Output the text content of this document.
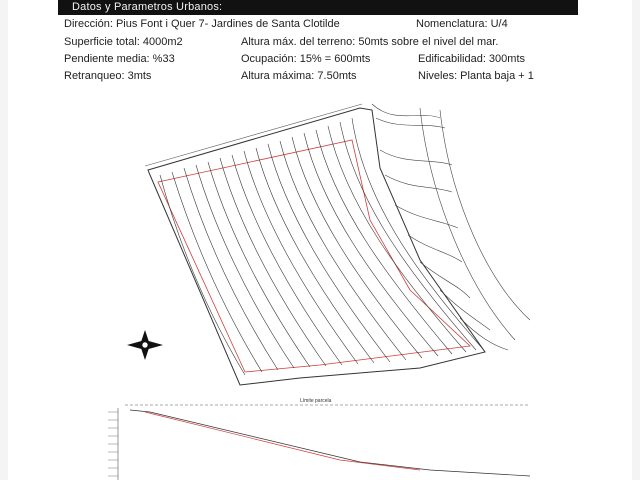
Datos y Parametros Urbanos:
Dirección: Pius Font i Quer 7- Jardines de Santa Clotilde	Nomenclatura: U/4
Superficie total: 4000m2	Altura máx. del terreno: 50mts sobre el nivel del mar.
Pendiente media: %33	Ocupación: 15% = 600mts	Edificabilidad: 300mts
Retranqueo: 3mts	Altura máxima: 7.50mts	Niveles: Planta baja + 1
Límite parcela
